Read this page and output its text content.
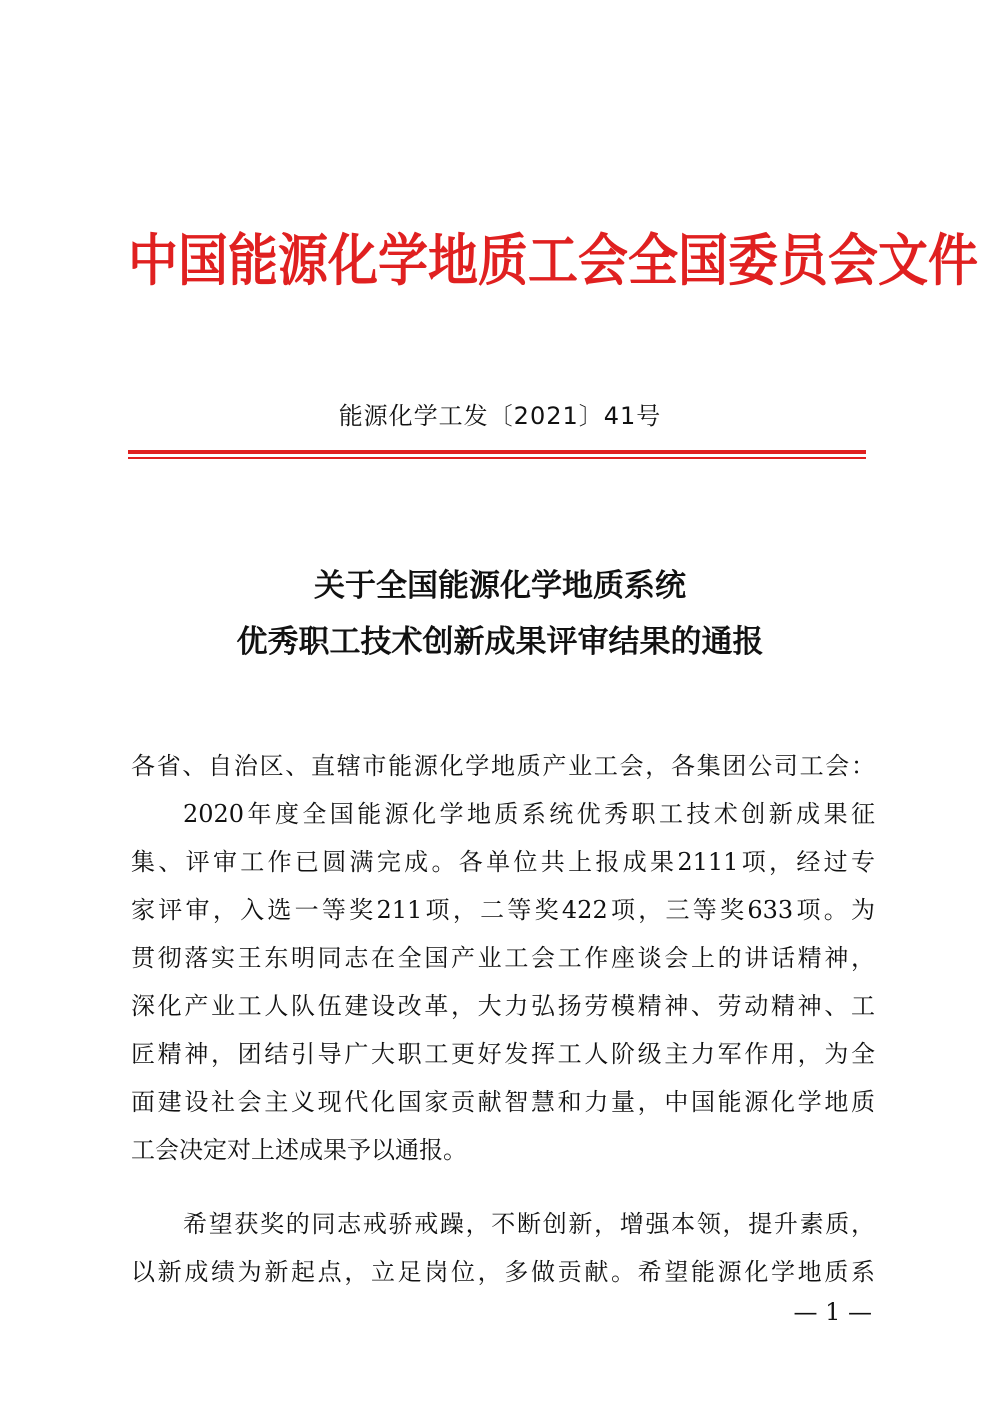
中国能源化学地质工会全国委员会文件
能源化学工发〔2021〕41号
关于全国能源化学地质系统
优秀职工技术创新成果评审结果的通报
各省、自治区、直辖市能源化学地质产业工会，各集团公司工会：
2020年度全国能源化学地质系统优秀职工技术创新成果征
集、评审工作已圆满完成。各单位共上报成果2111项，经过专
家评审，入选一等奖211项，二等奖422项，三等奖633项。为
贯彻落实王东明同志在全国产业工会工作座谈会上的讲话精神，
深化产业工人队伍建设改革，大力弘扬劳模精神、劳动精神、工
匠精神，团结引导广大职工更好发挥工人阶级主力军作用，为全
面建设社会主义现代化国家贡献智慧和力量，中国能源化学地质
工会决定对上述成果予以通报。
希望获奖的同志戒骄戒躁，不断创新，增强本领，提升素质，
以新成绩为新起点，立足岗位，多做贡献。希望能源化学地质系
— 1 —
